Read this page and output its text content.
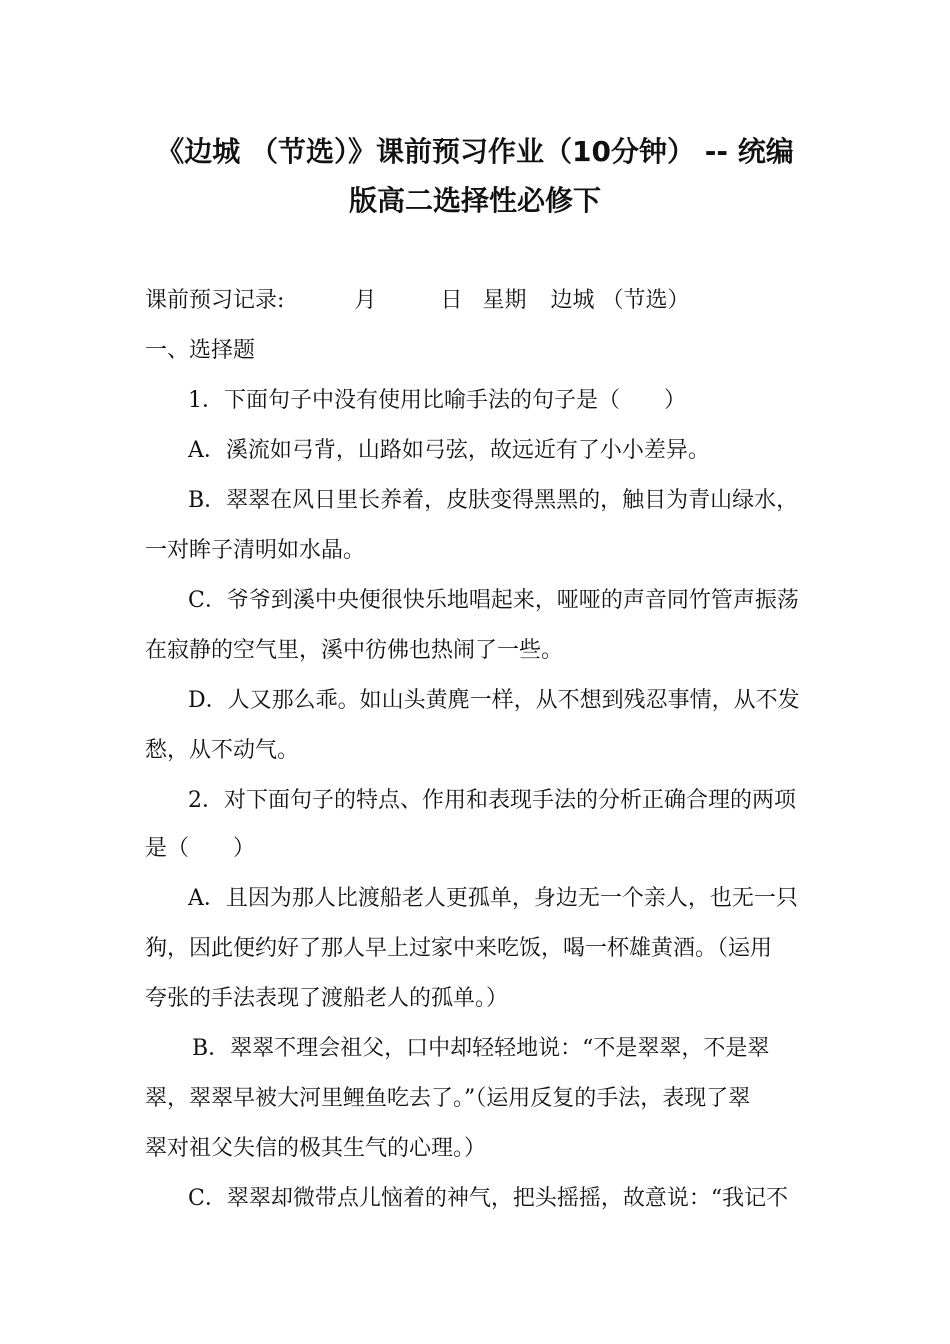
《边城 （节选）》课前预习作业（10分钟） -- 统编
版高二选择性必修下
课前预习记录:	月	日 星期 边城 （节选）
一、选择题
1．下面句子中没有使用比喻手法的句子是（　　）
A．溪流如弓背，山路如弓弦，故远近有了小小差异。
B．翠翠在风日里长养着，皮肤变得黑黑的，触目为青山绿水，
一对眸子清明如水晶。
C．爷爷到溪中央便很快乐地唱起来，哑哑的声音同竹管声振荡
在寂静的空气里，溪中彷佛也热闹了一些。
D．人又那么乖。如山头黄麂一样，从不想到残忍事情，从不发
愁，从不动气。
2．对下面句子的特点、作用和表现手法的分析正确合理的两项
是（　　）
A．且因为那人比渡船老人更孤单，身边无一个亲人，也无一只
狗，因此便约好了那人早上过家中来吃饭，喝一杯雄黄酒。（运用
夸张的手法表现了渡船老人的孤单。）
B．翠翠不理会祖父，口中却轻轻地说：“不是翠翠，不是翠
翠，翠翠早被大河里鲤鱼吃去了。”（运用反复的手法，表现了翠
翠对祖父失信的极其生气的心理。）
C．翠翠却微带点儿恼着的神气，把头摇摇，故意说：“我记不
